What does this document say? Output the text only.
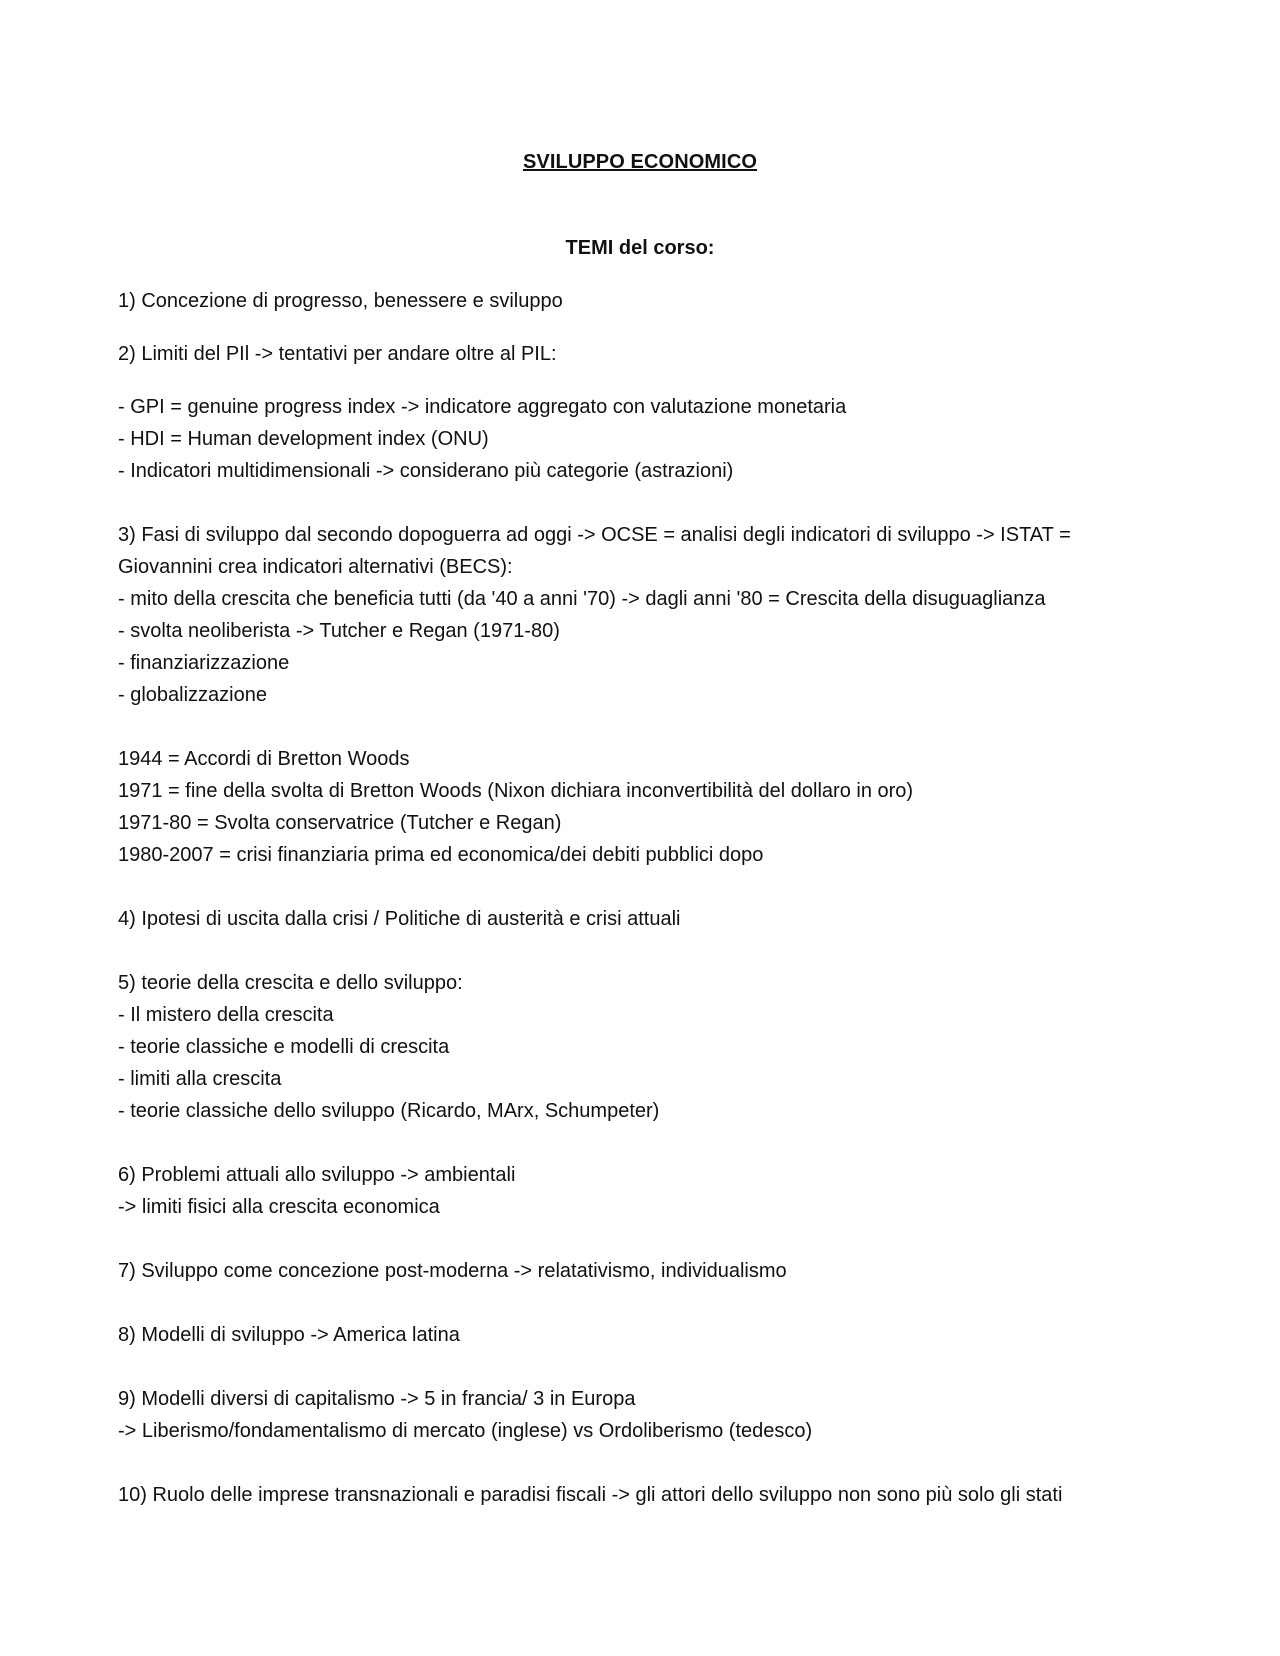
SVILUPPO ECONOMICO
TEMI del corso:
1) Concezione di progresso, benessere e sviluppo
2) Limiti del PIl -> tentativi per andare oltre al PIL:
- GPI = genuine progress index -> indicatore aggregato con valutazione monetaria
- HDI = Human development index (ONU)
- Indicatori multidimensionali -> considerano più categorie (astrazioni)
3) Fasi di sviluppo dal secondo dopoguerra ad oggi -> OCSE = analisi degli indicatori di sviluppo -> ISTAT =
Giovannini crea indicatori alternativi (BECS):
- mito della crescita che beneficia tutti (da '40 a anni '70) -> dagli anni '80 = Crescita della disuguaglianza
- svolta neoliberista -> Tutcher e Regan (1971-80)
- finanziarizzazione
- globalizzazione
1944 = Accordi di Bretton Woods
1971 = fine della svolta di Bretton Woods (Nixon dichiara inconvertibilità del dollaro in oro)
1971-80 = Svolta conservatrice (Tutcher e Regan)
1980-2007 = crisi finanziaria prima ed economica/dei debiti pubblici dopo
4) Ipotesi di uscita dalla crisi / Politiche di austerità e crisi attuali
5) teorie della crescita e dello sviluppo:
- Il mistero della crescita
- teorie classiche e modelli di crescita
- limiti alla crescita
- teorie classiche dello sviluppo (Ricardo, MArx, Schumpeter)
6) Problemi attuali allo sviluppo -> ambientali
-> limiti fisici alla crescita economica
7) Sviluppo come concezione post-moderna -> relatativismo, individualismo
8) Modelli di sviluppo -> America latina
9) Modelli diversi di capitalismo -> 5 in francia/ 3 in Europa
-> Liberismo/fondamentalismo di mercato (inglese) vs Ordoliberismo (tedesco)
10) Ruolo delle imprese transnazionali e paradisi fiscali -> gli attori dello sviluppo non sono più solo gli stati
